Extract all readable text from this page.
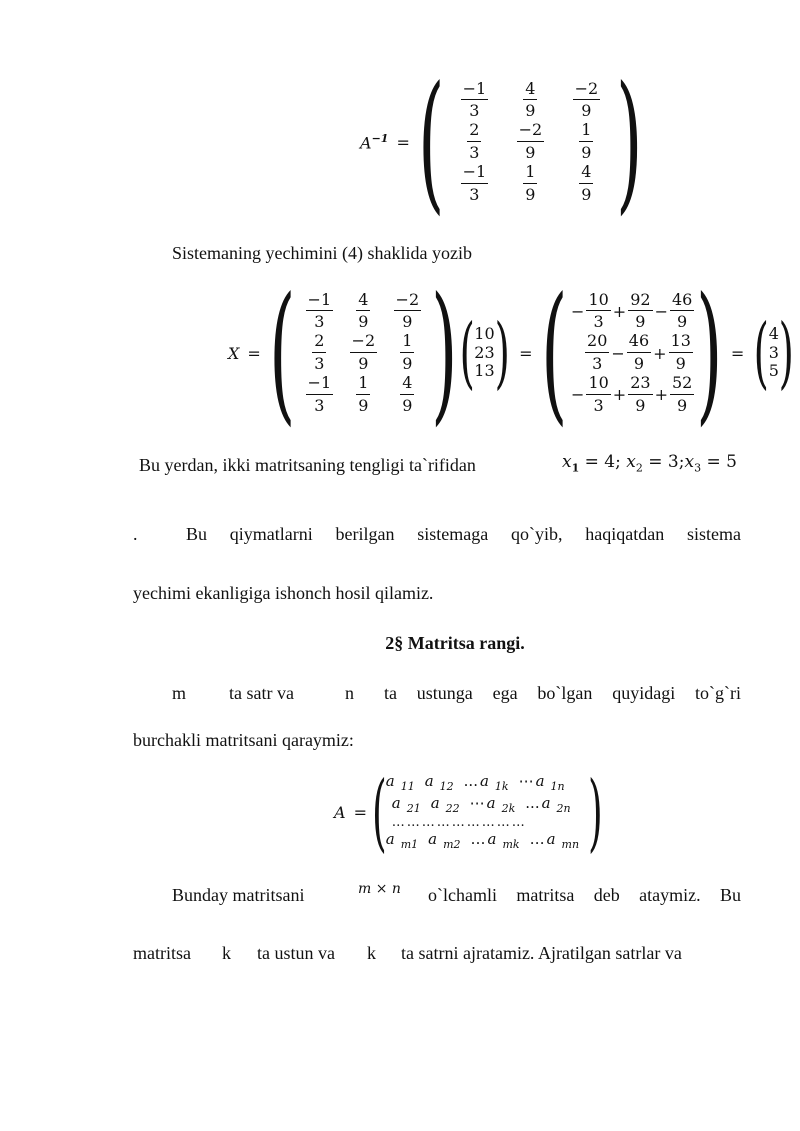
$A^{-1}$ = ( $\frac{-1}{3} \frac{4}{9} \frac{-2}{9}$
$\frac{2}{3} \frac{-2}{9} \frac{1}{9}$
$\frac{-1}{3} \frac{1}{9}$	$\frac{4}{9}$ )
Sistemaning yechimini (4) shaklida yozib
X = ( $\frac{-1}{3} \frac{4}{9} \frac{-2}{9}$
$\frac{2}{3} \frac{-2}{9} \frac{1}{9}$
$\frac{-1}{3} \frac{1}{9} \frac{4}{9}$ ) ( 10
23
13 ) = ( − $\frac{10}{3} + \frac{92}{9} - \frac{46}{9}$
$\frac{20}{3} - \frac{46}{9} + \frac{13}{9}$
− $\frac{10}{3} + \frac{23}{9} + \frac{52}{9}$ ) = ( 4
3
5 )
Bu yerdan, ikki matritsaning tengligi ta`rifidan	$x_1 = 4$; $x_2$ = $3;x_3 = 5$
.	Bu qiymatlarni berilgan sistemaga qo`yib, haqiqatdan sistema
yechimi ekanligiga ishonch hosil qilamiz.
2§ Matritsa rangi.
m ta satr va	n ta ustunga ega bo`lgan quyidagi to`g`ri
burchakli matritsani qaraymiz:
A = ( a $_{11}$ a $_{12}$ ... a $_{1k}$ ⋯ a $_{1n}$
a $_{21}$ a $_{22}$ ⋯ a $_{2k}$ ... a $_{2n}$
………………………
a $_{m1}$ a $_{m2}$ … a $_{mk}$ … a $_{mn}$ )
Bunday matritsani	m × n o`lchamli matritsa deb ataymiz. Bu
matritsa k ta ustun va k ta satrni ajratamiz. Ajratilgan satrlar va
